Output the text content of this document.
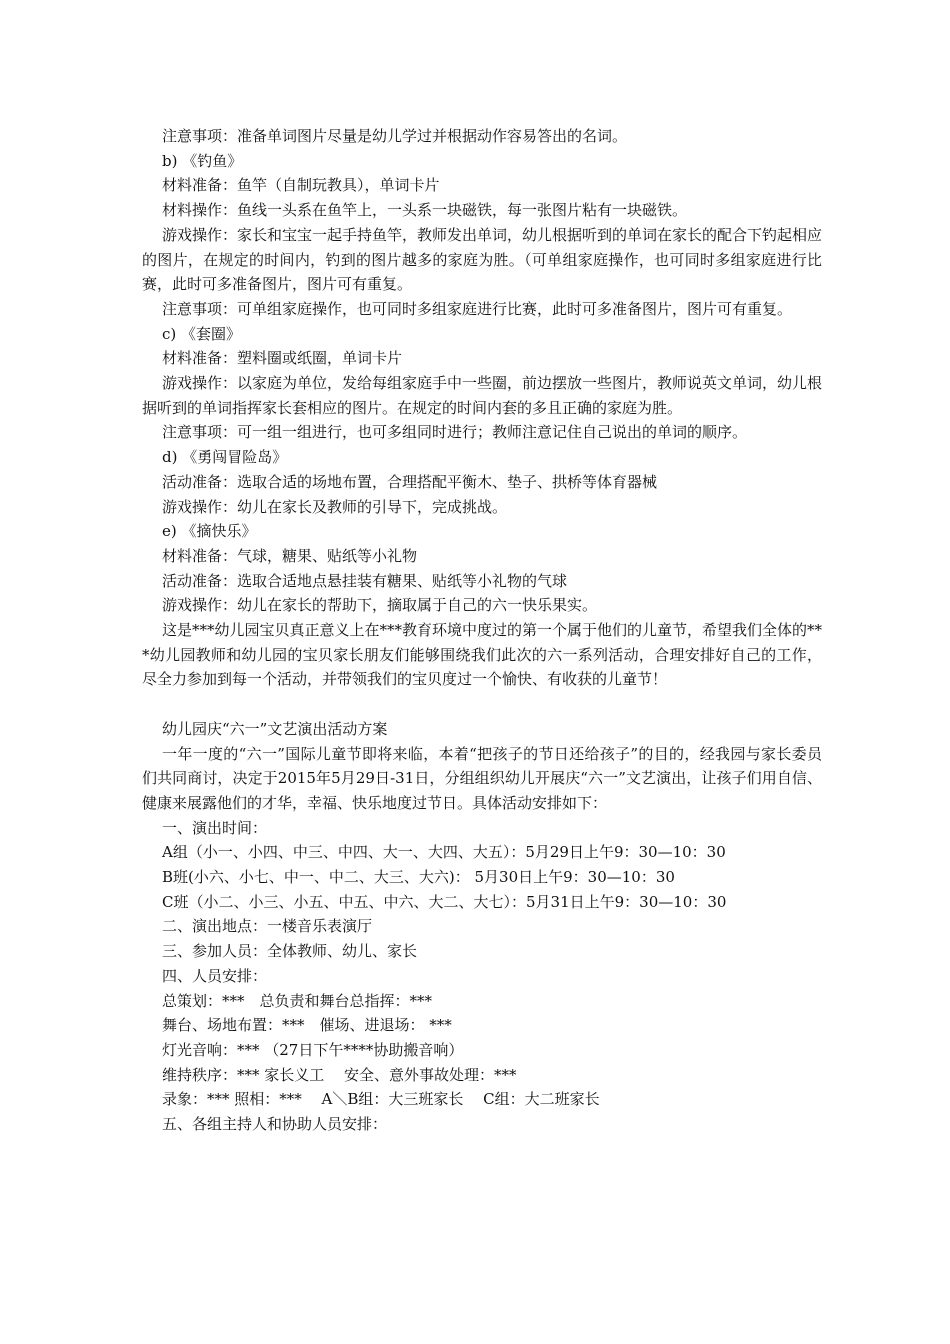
注意事项：准备单词图片尽量是幼儿学过并根据动作容易答出的名词。

b) 《钓鱼》

材料准备：鱼竿（自制玩教具），单词卡片

材料操作：鱼线一头系在鱼竿上，一头系一块磁铁，每一张图片粘有一块磁铁。

游戏操作：家长和宝宝一起手持鱼竿，教师发出单词，幼儿根据听到的单词在家长的配合下钓起相应的图片，在规定的时间内，钓到的图片越多的家庭为胜。（可单组家庭操作，也可同时多组家庭进行比赛，此时可多准备图片，图片可有重复。

注意事项：可单组家庭操作，也可同时多组家庭进行比赛，此时可多准备图片，图片可有重复。

c) 《套圈》

材料准备：塑料圈或纸圈，单词卡片

游戏操作：以家庭为单位，发给每组家庭手中一些圈，前边摆放一些图片，教师说英文单词，幼儿根据听到的单词指挥家长套相应的图片。在规定的时间内套的多且正确的家庭为胜。

注意事项：可一组一组进行，也可多组同时进行；教师注意记住自己说出的单词的顺序。

d) 《勇闯冒险岛》

活动准备：选取合适的场地布置，合理搭配平衡木、垫子、拱桥等体育器械

游戏操作：幼儿在家长及教师的引导下，完成挑战。

e) 《摘快乐》

材料准备：气球，糖果、贴纸等小礼物

活动准备：选取合适地点悬挂装有糖果、贴纸等小礼物的气球

游戏操作：幼儿在家长的帮助下，摘取属于自己的六一快乐果实。

这是***幼儿园宝贝真正意义上在***教育环境中度过的第一个属于他们的儿童节，希望我们全体的***幼儿园教师和幼儿园的宝贝家长朋友们能够围绕我们此次的六一系列活动，合理安排好自己的工作，尽全力参加到每一个活动，并带领我们的宝贝度过一个愉快、有收获的儿童节！

幼儿园庆“六一”文艺演出活动方案

一年一度的“六一”国际儿童节即将来临，本着“把孩子的节日还给孩子”的目的，经我园与家长委员们共同商讨，决定于2015年5月29日-31日，分组组织幼儿开展庆“六一”文艺演出，让孩子们用自信、健康来展露他们的才华，幸福、快乐地度过节日。具体活动安排如下：

一、演出时间：

A组（小一、小四、中三、中四、大一、大四、大五）：5月29日上午9：30—10：30

B班(小六、小七、中一、中二、大三、大六)： 5月30日上午9：30—10：30

C班（小二、小三、小五、中五、中六、大二、大七）：5月31日上午9：30—10：30

二、演出地点：一楼音乐表演厅

三、参加人员：全体教师、幼儿、家长

四、人员安排：

总策划：***　总负责和舞台总指挥：***

舞台、场地布置：***　催场、进退场： ***

灯光音响：*** （27日下午****协助搬音响）

维持秩序：*** 家长义工　 安全、意外事故处理：***

录象：*** 照相：***　 A＼B组：大三班家长　 C组：大二班家长

五、各组主持人和协助人员安排：
